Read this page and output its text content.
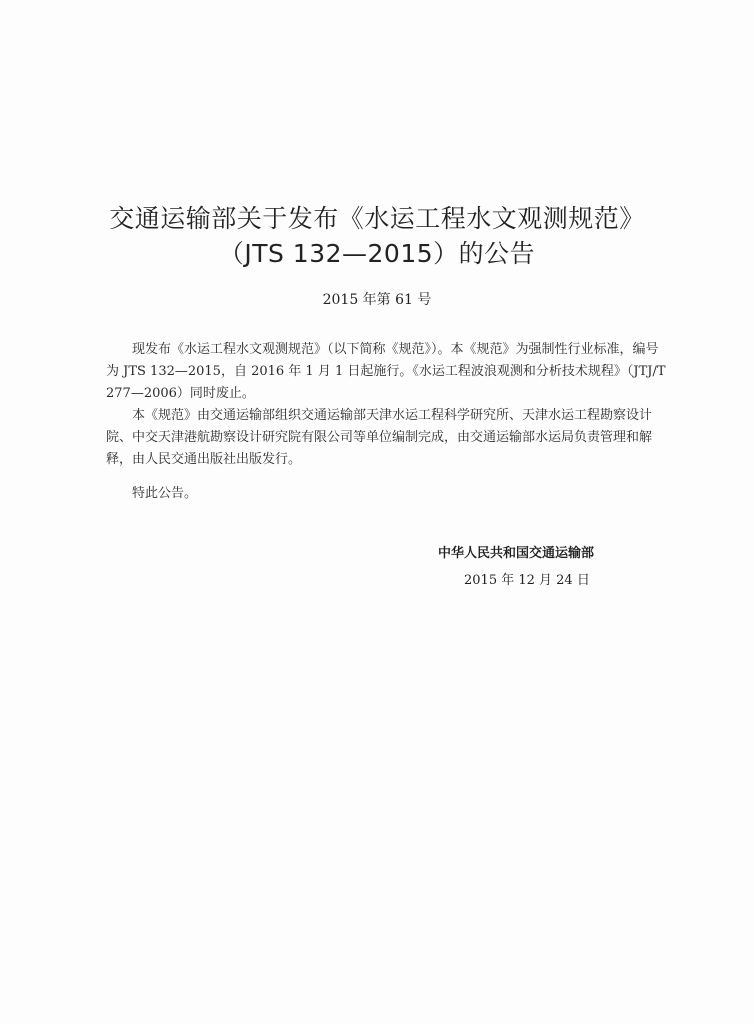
交通运输部关于发布《水运工程水文观测规范》
（JTS 132—2015）的公告
2015 年第 61 号

现发布《水运工程水文观测规范》（以下简称《规范》）。本《规范》为强制性行业标准，编号为 JTS 132—2015，自 2016 年 1 月 1 日起施行。《水运工程波浪观测和分析技术规程》（JTJ/T 277—2006）同时废止。

本《规范》由交通运输部组织交通运输部天津水运工程科学研究所、天津水运工程勘察设计院、中交天津港航勘察设计研究院有限公司等单位编制完成，由交通运输部水运局负责管理和解释，由人民交通出版社出版发行。

特此公告。

中华人民共和国交通运输部
2015 年 12 月 24 日
